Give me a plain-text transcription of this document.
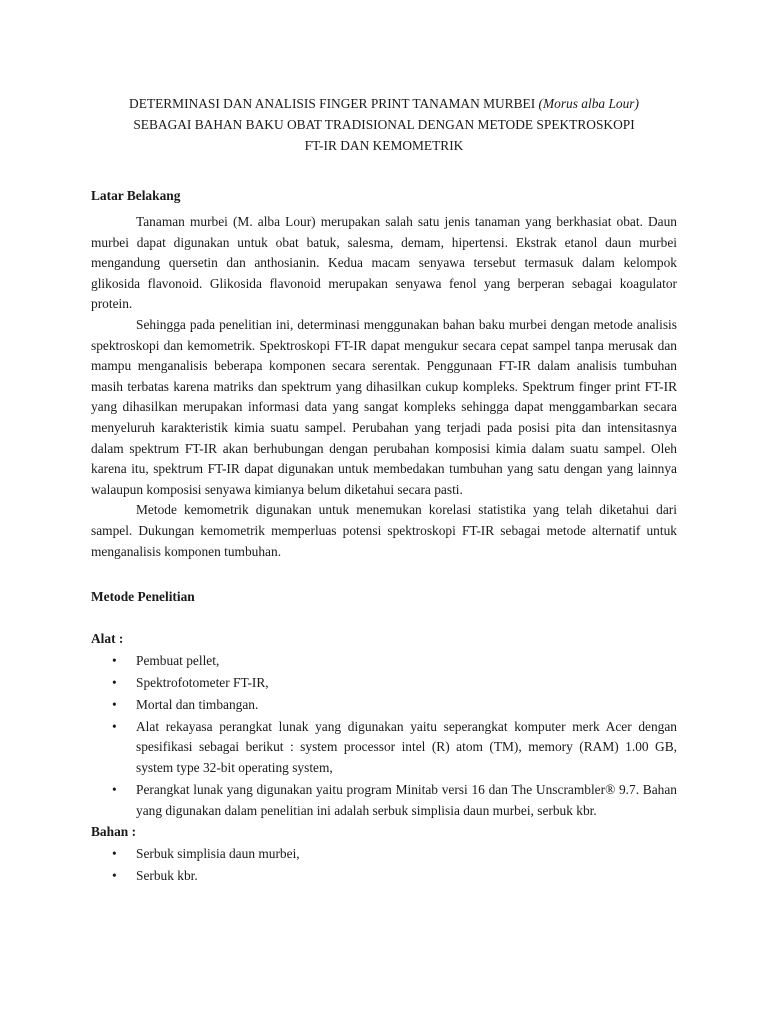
DETERMINASI DAN ANALISIS FINGER PRINT TANAMAN MURBEI (Morus alba Lour)
SEBAGAI BAHAN BAKU OBAT TRADISIONAL DENGAN METODE SPEKTROSKOPI
FT-IR DAN KEMOMETRIK
Latar Belakang

Tanaman murbei (M. alba Lour) merupakan salah satu jenis tanaman yang berkhasiat obat. Daun murbei dapat digunakan untuk obat batuk, salesma, demam, hipertensi. Ekstrak etanol daun murbei mengandung quersetin dan anthosianin. Kedua macam senyawa tersebut termasuk dalam kelompok glikosida flavonoid. Glikosida flavonoid merupakan senyawa fenol yang berperan sebagai koagulator protein.

Sehingga pada penelitian ini, determinasi menggunakan bahan baku murbei dengan metode analisis spektroskopi dan kemometrik. Spektroskopi FT-IR dapat mengukur secara cepat sampel tanpa merusak dan mampu menganalisis beberapa komponen secara serentak. Penggunaan FT-IR dalam analisis tumbuhan masih terbatas karena matriks dan spektrum yang dihasilkan cukup kompleks. Spektrum finger print FT-IR yang dihasilkan merupakan informasi data yang sangat kompleks sehingga dapat menggambarkan secara menyeluruh karakteristik kimia suatu sampel. Perubahan yang terjadi pada posisi pita dan intensitasnya dalam spektrum FT-IR akan berhubungan dengan perubahan komposisi kimia dalam suatu sampel. Oleh karena itu, spektrum FT-IR dapat digunakan untuk membedakan tumbuhan yang satu dengan yang lainnya walaupun komposisi senyawa kimianya belum diketahui secara pasti.

Metode kemometrik digunakan untuk menemukan korelasi statistika yang telah diketahui dari sampel. Dukungan kemometrik memperluas potensi spektroskopi FT-IR sebagai metode alternatif untuk menganalisis komponen tumbuhan.

Metode Penelitian
Alat :
• Pembuat pellet,
• Spektrofotometer FT-IR,
• Mortal dan timbangan.
• Alat rekayasa perangkat lunak yang digunakan yaitu seperangkat komputer merk Acer dengan spesifikasi sebagai berikut : system processor intel (R) atom (TM), memory (RAM) 1.00 GB, system type 32-bit operating system,
• Perangkat lunak yang digunakan yaitu program Minitab versi 16 dan The Unscrambler® 9.7. Bahan yang digunakan dalam penelitian ini adalah serbuk simplisia daun murbei, serbuk kbr.
Bahan :
• Serbuk simplisia daun murbei,
• Serbuk kbr.
